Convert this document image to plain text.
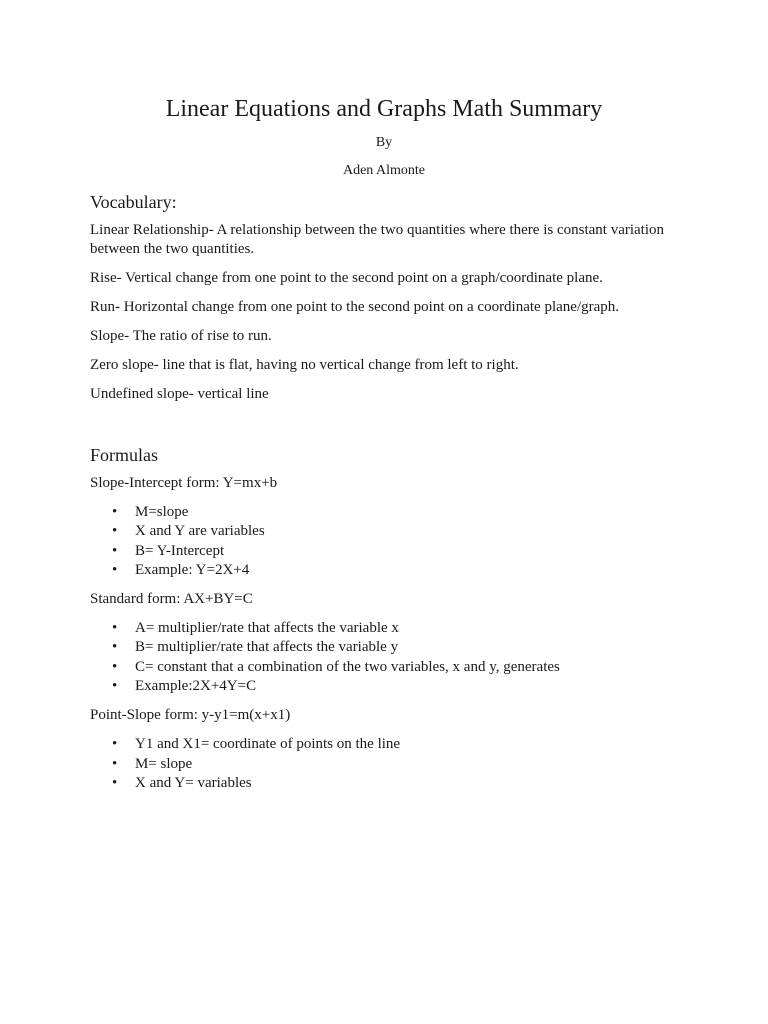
Linear Equations and Graphs Math Summary

By

Aden Almonte

Vocabulary:

Linear Relationship- A relationship between the two quantities where there is constant variation between the two quantities.

Rise- Vertical change from one point to the second point on a graph/coordinate plane.

Run- Horizontal change from one point to the second point on a coordinate plane/graph.

Slope- The ratio of rise to run.

Zero slope- line that is flat, having no vertical change from left to right.

Undefined slope- vertical line

Formulas

Slope-Intercept form: Y=mx+b

• M=slope
• X and Y are variables
• B= Y-Intercept
• Example: Y=2X+4

Standard form: AX+BY=C

• A= multiplier/rate that affects the variable x
• B= multiplier/rate that affects the variable y
• C= constant that a combination of the two variables, x and y, generates
• Example:2X+4Y=C

Point-Slope form: y-y1=m(x+x1)

• Y1 and X1= coordinate of points on the line
• M= slope
• X and Y= variables
